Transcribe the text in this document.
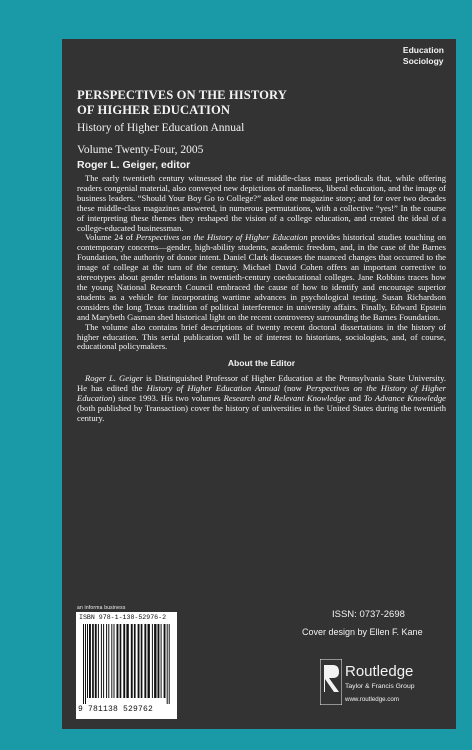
Education
Sociology
PERSPECTIVES ON THE HISTORY
OF HIGHER EDUCATION
History of Higher Education Annual
Volume Twenty-Four, 2005
Roger L. Geiger, editor

The early twentieth century witnessed the rise of middle-class mass periodicals that, while offering readers congenial material, also conveyed new depictions of manliness, liberal education, and the image of business leaders. “Should Your Boy Go to College?” asked one magazine story; and for over two decades these middle-class magazines answered, in numerous permutations, with a collective “yes!” In the course of interpreting these themes they reshaped the vision of a college education, and created the ideal of a college-educated businessman.

Volume 24 of Perspectives on the History of Higher Education provides historical studies touching on contemporary concerns—gender, high-ability students, academic freedom, and, in the case of the Barnes Foundation, the authority of donor intent. Daniel Clark discusses the nuanced changes that occurred to the image of college at the turn of the century. Michael David Cohen offers an important corrective to stereotypes about gender relations in twentieth-century coeducational colleges. Jane Robbins traces how the young National Research Council embraced the cause of how to identify and encourage superior students as a vehicle for incorporating wartime advances in psychological testing. Susan Richardson considers the long Texas tradition of political interference in university affairs. Finally, Edward Epstein and Marybeth Gasman shed historical light on the recent controversy surrounding the Barnes Foundation.

The volume also contains brief descriptions of twenty recent doctoral dissertations in the history of higher education. This serial publication will be of interest to historians, sociologists, and, of course, educational policymakers.

About the Editor

Roger L. Geiger is Distinguished Professor of Higher Education at the Pennsylvania State University. He has edited the History of Higher Education Annual (now Perspectives on the History of Higher Education) since 1993. His two volumes Research and Relevant Knowledge and To Advance Knowledge (both published by Transaction) cover the history of universities in the United States during the twentieth century.

an informa business
ISBN 978-1-138-52976-2
9 781138 529762
ISSN: 0737-2698
Cover design by Ellen F. Kane
Routledge
Taylor & Francis Group
www.routledge.com
